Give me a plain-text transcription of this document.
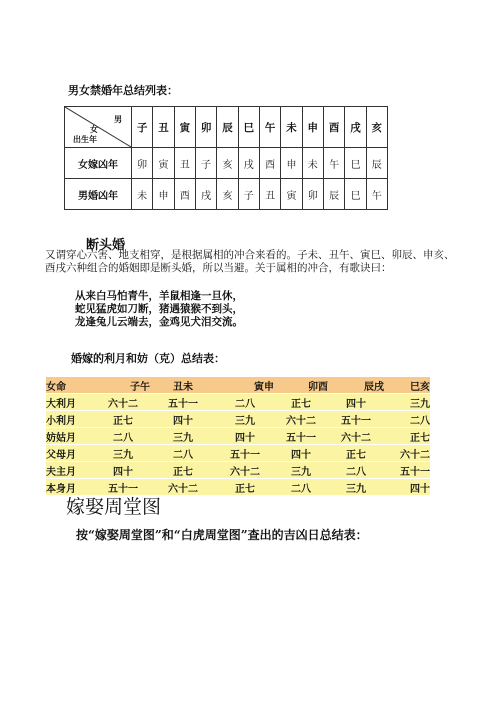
男女禁婚年总结列表：
男
女
出生年	子	丑	寅	卯	辰	巳	午	未	申	酉	戌	亥
女嫁凶年	卯	寅	丑	子	亥	戌	酉	申	未	午	巳	辰
男婚凶年	未	申	酉	戌	亥	子	丑	寅	卯	辰	巳	午
断头婚
又谓穿心六害、地支相穿，是根据属相的冲合来看的。子未、丑午、寅巳、卯辰、申亥、酉戌六种组合的婚姻即是断头婚，所以当避。关于属相的冲合，有歌诀曰：
从来白马怕青牛，羊鼠相逢一旦休，
蛇见猛虎如刀断，猪遇猿猴不到头，
龙逢兔儿云端去，金鸡见犬泪交流。
婚嫁的利月和妨（克）总结表：
女命	子午	丑未	寅申	卯酉	辰戌	巳亥
大利月	六十二	五十一	二八	正七	四十	三九
小利月	正七	四十	三九	六十二	五十一	二八
妨姑月	二八	三九	四十	五十一	六十二	正七
父母月	三九	二八	五十一	四十	正七	六十二
夫主月	四十	正七	六十二	三九	二八	五十一
本身月	五十一	六十二	正七	二八	三九	四十
嫁娶周堂图
按“嫁娶周堂图”和“白虎周堂图”查出的吉凶日总结表：
